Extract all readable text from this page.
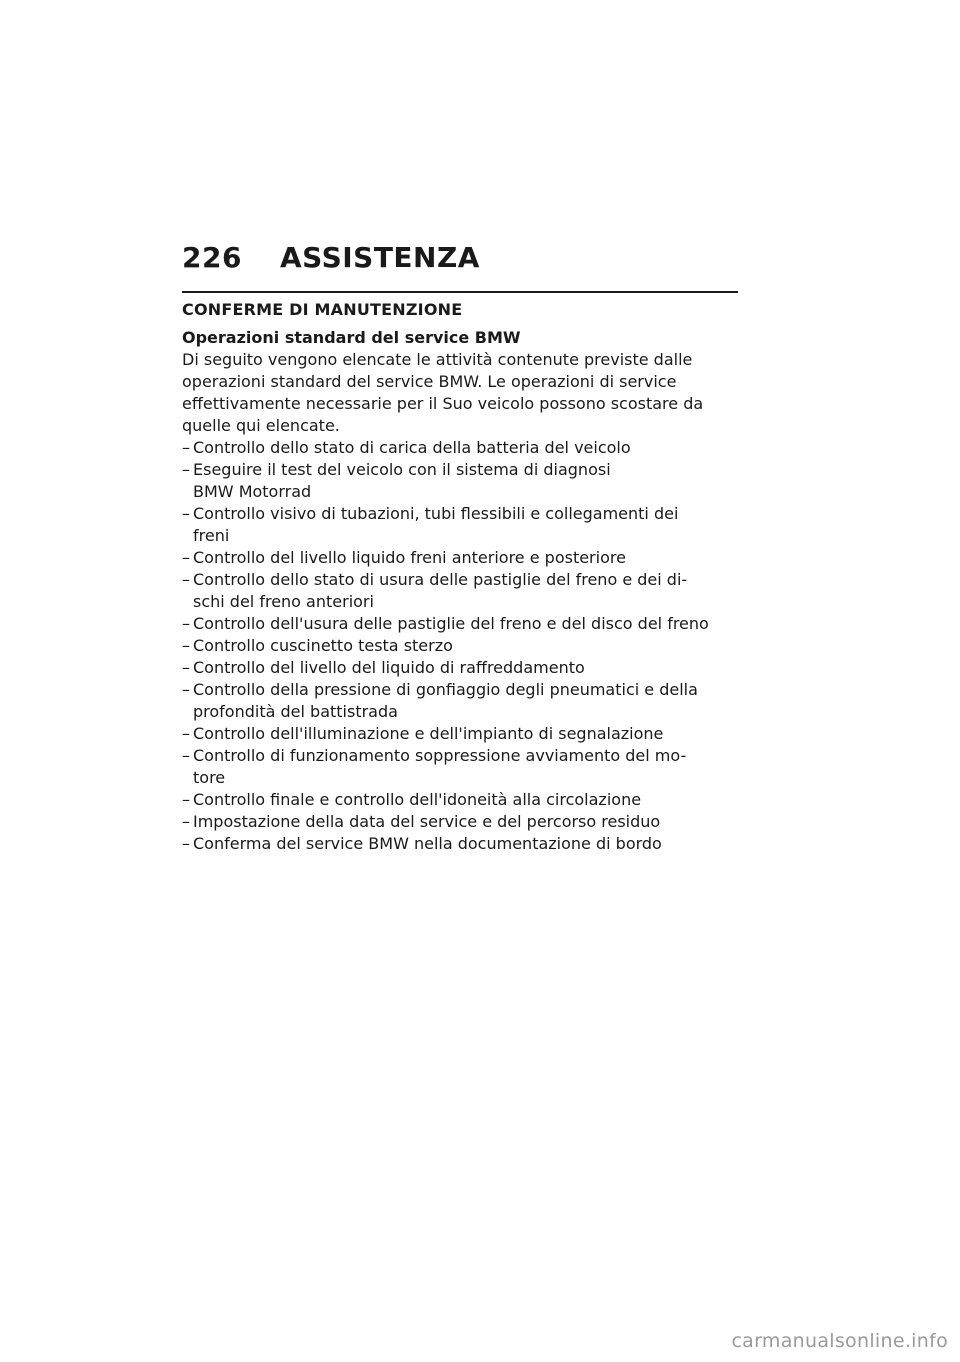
226	ASSISTENZA
CONFERME DI MANUTENZIONE
Operazioni standard del service BMW
Di seguito vengono elencate le attività contenute previste dalle
operazioni standard del service BMW. Le operazioni di service
effettivamente necessarie per il Suo veicolo possono scostare da
quelle qui elencate.
– Controllo dello stato di carica della batteria del veicolo
– Eseguire il test del veicolo con il sistema di diagnosi
BMW Motorrad
– Controllo visivo di tubazioni, tubi flessibili e collegamenti dei
freni
– Controllo del livello liquido freni anteriore e posteriore
– Controllo dello stato di usura delle pastiglie del freno e dei di-
schi del freno anteriori
– Controllo dell'usura delle pastiglie del freno e del disco del freno
– Controllo cuscinetto testa sterzo
– Controllo del livello del liquido di raffreddamento
– Controllo della pressione di gonfiaggio degli pneumatici e della
profondità del battistrada
– Controllo dell'illuminazione e dell'impianto di segnalazione
– Controllo di funzionamento soppressione avviamento del mo-
tore
– Controllo finale e controllo dell'idoneità alla circolazione
– Impostazione della data del service e del percorso residuo
– Conferma del service BMW nella documentazione di bordo
carmanualsonline.info
